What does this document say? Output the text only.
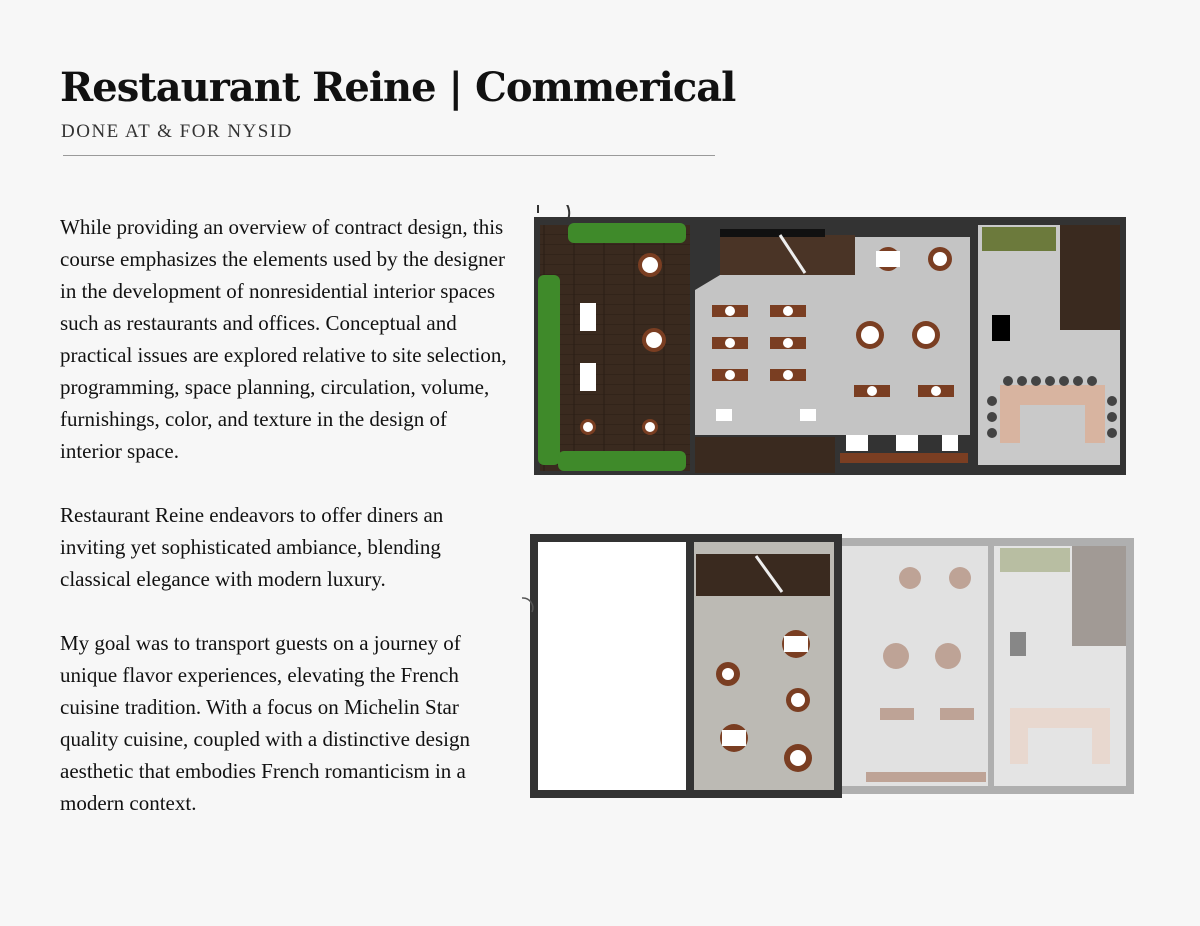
Restaurant Reine | Commerical
DONE AT & FOR NYSID

While providing an overview of contract design, this course emphasizes the elements used by the designer in the development of nonresidential interior spaces such as restaurants and offices. Conceptual and practical issues are explored relative to site selection, programming, space planning, circulation, volume, furnishings, color, and texture in the design of interior space.

Restaurant Reine endeavors to offer diners an inviting yet sophisticated ambiance, blending classical elegance with modern luxury.

My goal was to transport guests on a journey of unique flavor experiences, elevating the French cuisine tradition. With a focus on Michelin Star quality cuisine, coupled with a distinctive design aesthetic that embodies French romanticism in a modern context.
